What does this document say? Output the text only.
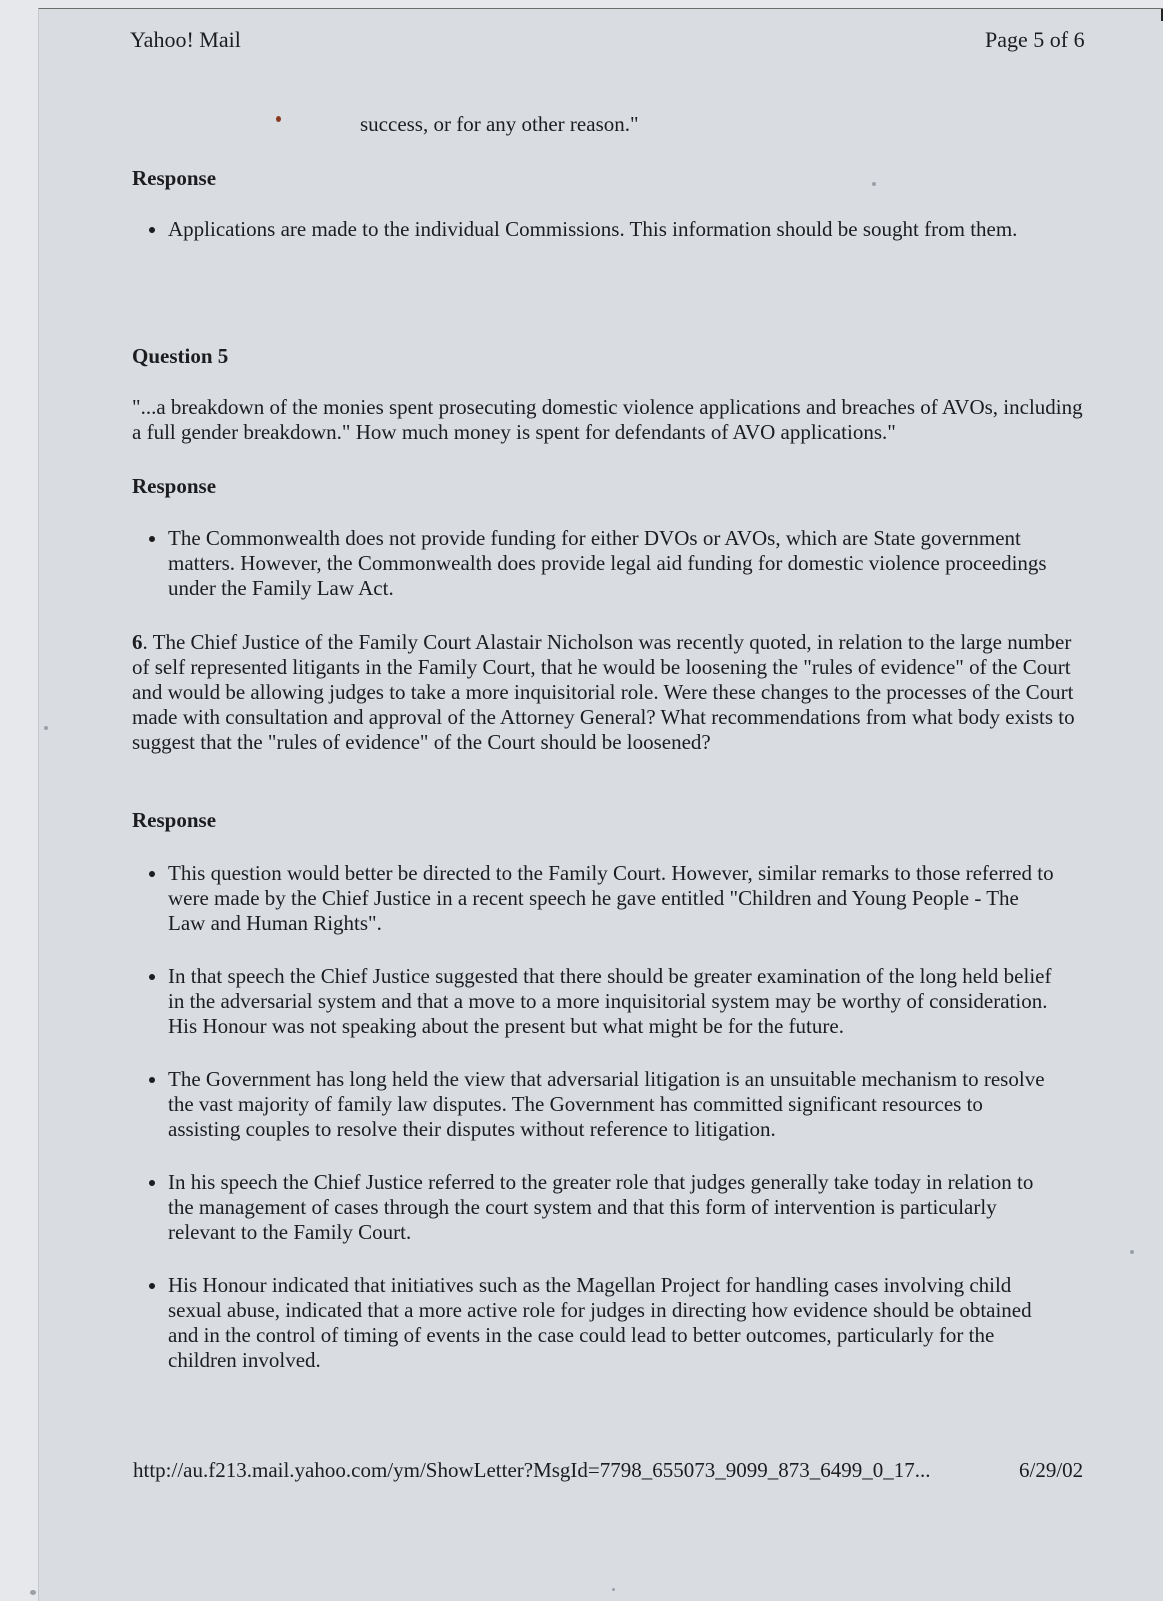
Yahoo! Mail	Page 5 of 6
success, or for any other reason."
Response
Applications are made to the individual Commissions. This information should be sought from them.
Question 5
"...a breakdown of the monies spent prosecuting domestic violence applications and breaches of AVOs, including a full gender breakdown." How much money is spent for defendants of AVO applications."
Response
The Commonwealth does not provide funding for either DVOs or AVOs, which are State government matters. However, the Commonwealth does provide legal aid funding for domestic violence proceedings under the Family Law Act.
6. The Chief Justice of the Family Court Alastair Nicholson was recently quoted, in relation to the large number of self represented litigants in the Family Court, that he would be loosening the "rules of evidence" of the Court and would be allowing judges to take a more inquisitorial role. Were these changes to the processes of the Court made with consultation and approval of the Attorney General? What recommendations from what body exists to suggest that the "rules of evidence" of the Court should be loosened?
Response
This question would better be directed to the Family Court. However, similar remarks to those referred to were made by the Chief Justice in a recent speech he gave entitled "Children and Young People - The Law and Human Rights".
In that speech the Chief Justice suggested that there should be greater examination of the long held belief in the adversarial system and that a move to a more inquisitorial system may be worthy of consideration. His Honour was not speaking about the present but what might be for the future.
The Government has long held the view that adversarial litigation is an unsuitable mechanism to resolve the vast majority of family law disputes. The Government has committed significant resources to assisting couples to resolve their disputes without reference to litigation.
In his speech the Chief Justice referred to the greater role that judges generally take today in relation to the management of cases through the court system and that this form of intervention is particularly relevant to the Family Court.
His Honour indicated that initiatives such as the Magellan Project for handling cases involving child sexual abuse, indicated that a more active role for judges in directing how evidence should be obtained and in the control of timing of events in the case could lead to better outcomes, particularly for the children involved.
http://au.f213.mail.yahoo.com/ym/ShowLetter?MsgId=7798_655073_9099_873_6499_0_17...	6/29/02
